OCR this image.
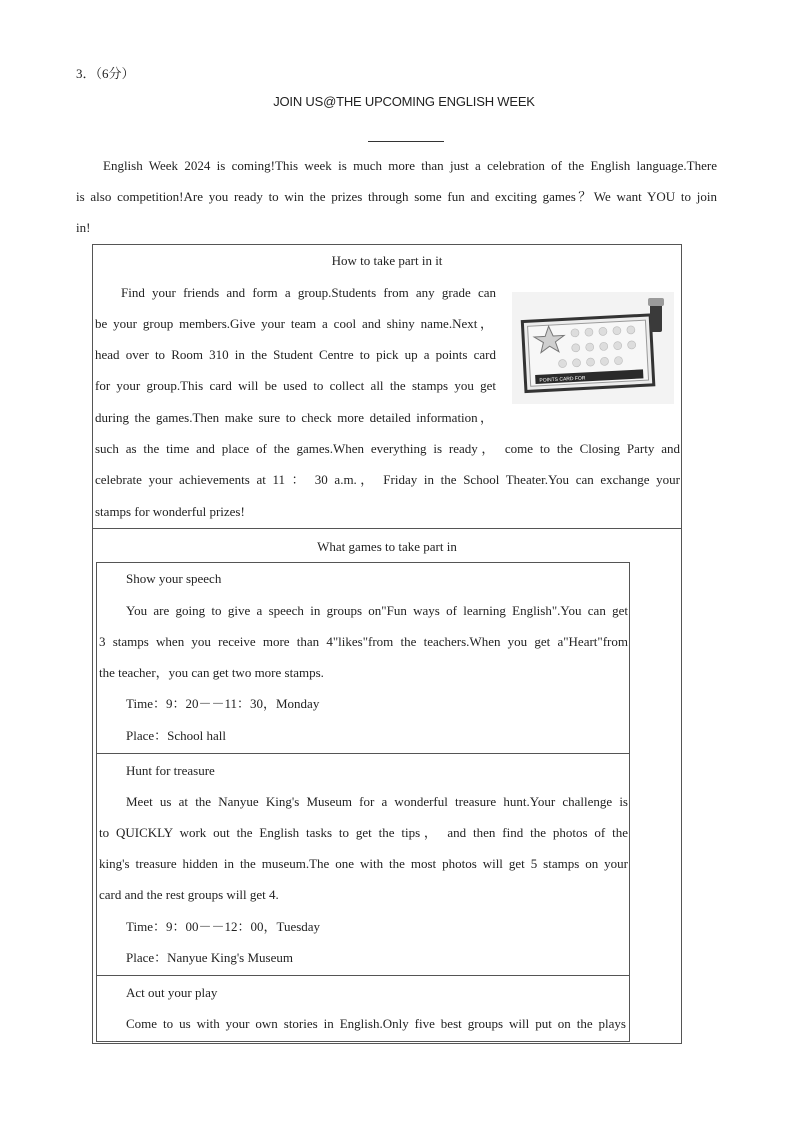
3．（6分）
JOIN US@THE UPCOMING ENGLISH WEEK
English Week 2024 is coming!This week is much more than just a celebration of the English language.There
is also competition!Are you ready to win the prizes through some fun and exciting games？We want YOU to join
in!
How to take part in it
Find your friends and form a group.Students from any grade can
be your group members.Give your team a cool and shiny name.Next，
head over to Room 310 in the Student Centre to pick up a points card
for your group.This card will be used to collect all the stamps you get
during the games.Then make sure to check more detailed information，
such as the time and place of the games.When everything is ready， come to the Closing Party and
celebrate your achievements at 11 ： 30 a.m.， Friday in the School Theater.You can exchange your
stamps for wonderful prizes!
POINTS CARD FOR
What games to take part in
Show your speech
You are going to give a speech in groups on"Fun ways of learning English".You can get
3 stamps when you receive more than 4"likes"from the teachers.When you get a"Heart"from
the teacher，you can get two more stamps.
Time：9：20－－11：30，Monday
Place：School hall
Hunt for treasure
Meet us at the Nanyue King's Museum for a wonderful treasure hunt.Your challenge is
to QUICKLY work out the English tasks to get the tips， and then find the photos of the
king's treasure hidden in the museum.The one with the most photos will get 5 stamps on your
card and the rest groups will get 4.
Time：9：00－－12：00，Tuesday
Place：Nanyue King's Museum
Act out your play
Come to us with your own stories in English.Only five best groups will put on the plays
